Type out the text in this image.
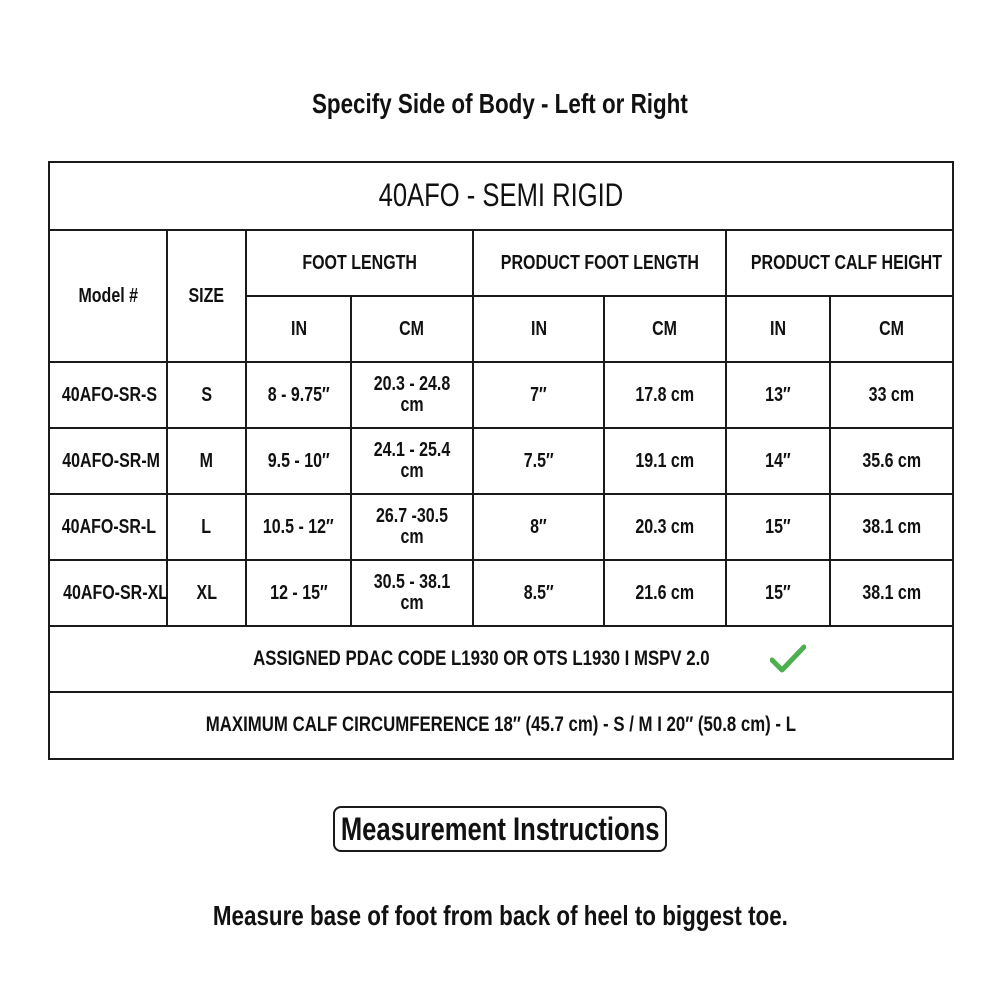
Specify Side of Body - Left or Right
40AFO - SEMI RIGID							
Model #	SIZE	FOOT LENGTH		PRODUCT FOOT LENGTH		PRODUCT CALF HEIGHT	
		IN	CM	IN	CM	IN	CM
40AFO-SR-S	S	8 - 9.75″	20.3 - 24.8 cm	7″	17.8 cm	13″	33 cm
40AFO-SR-M	M	9.5 - 10″	24.1 - 25.4 cm	7.5″	19.1 cm	14″	35.6 cm
40AFO-SR-L	L	10.5 - 12″	26.7 -30.5 cm	8″	20.3 cm	15″	38.1 cm
40AFO-SR-XL	XL	12 - 15″	30.5 - 38.1 cm	8.5″	21.6 cm	15″	38.1 cm
ASSIGNED PDAC CODE L1930 OR OTS L1930 I MSPV 2.0							

MAXIMUM CALF CIRCUMFERENCE 18″ (45.7 cm) - S / M I 20″ (50.8 cm) - L							
Measurement Instructions
Measure base of foot from back of heel to biggest toe.
